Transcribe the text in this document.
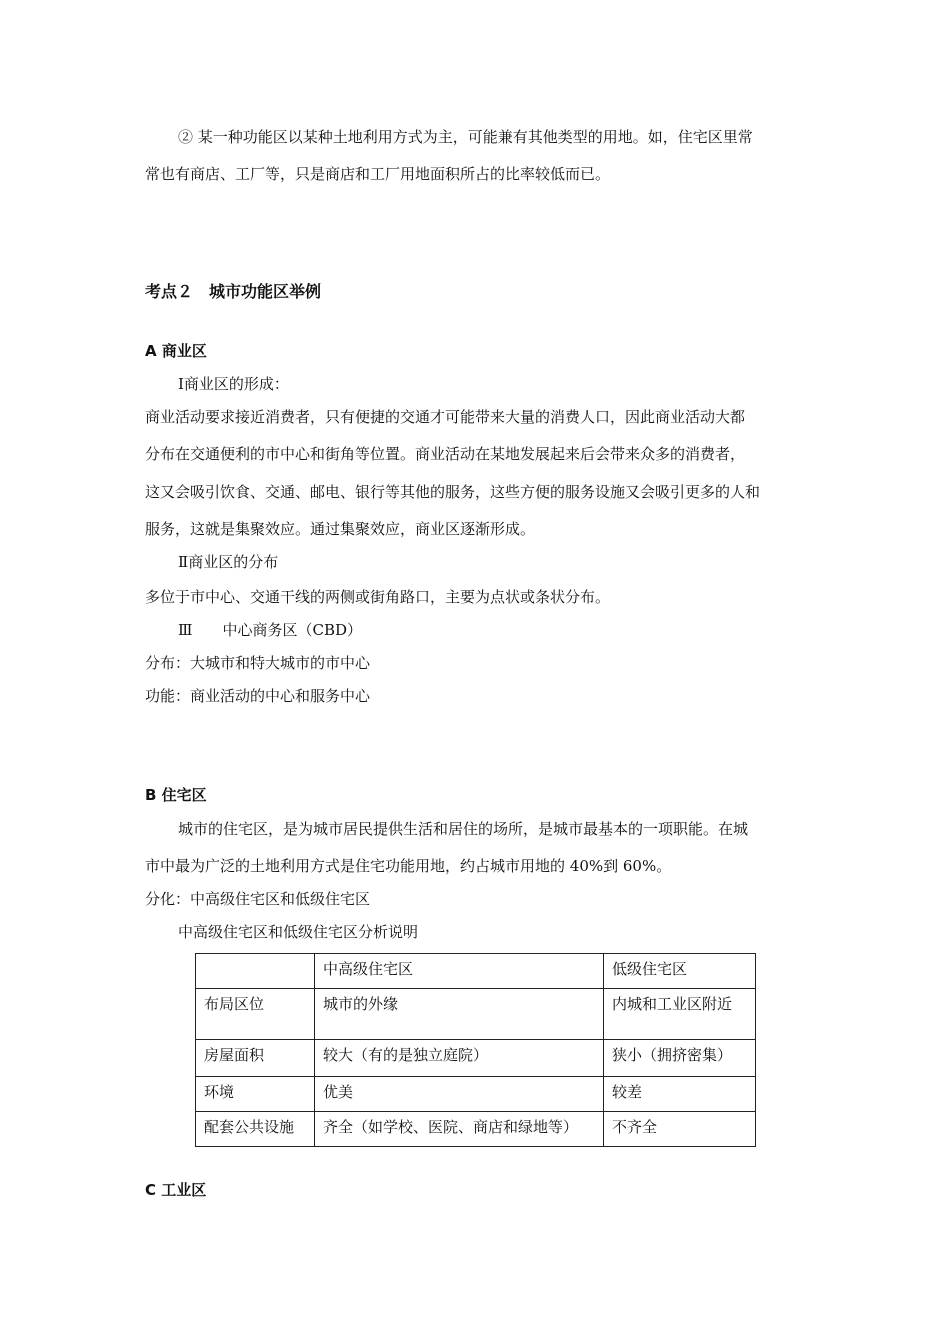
② 某一种功能区以某种土地利用方式为主，可能兼有其他类型的用地。如，住宅区里常
常也有商店、工厂等，只是商店和工厂用地面积所占的比率较低而已。
考点２　城市功能区举例
A 商业区
Ⅰ商业区的形成：
商业活动要求接近消费者，只有便捷的交通才可能带来大量的消费人口，因此商业活动大都
分布在交通便利的市中心和街角等位置。商业活动在某地发展起来后会带来众多的消费者，
这又会吸引饮食、交通、邮电、银行等其他的服务，这些方便的服务设施又会吸引更多的人和
服务，这就是集聚效应。通过集聚效应，商业区逐渐形成。
Ⅱ商业区的分布
多位于市中心、交通干线的两侧或街角路口，主要为点状或条状分布。
Ⅲ　　中心商务区（CBD）
分布：大城市和特大城市的市中心
功能：商业活动的中心和服务中心
B 住宅区
城市的住宅区，是为城市居民提供生活和居住的场所，是城市最基本的一项职能。在城
市中最为广泛的土地利用方式是住宅功能用地，约占城市用地的 40%到 60%。
分化：中高级住宅区和低级住宅区
中高级住宅区和低级住宅区分析说明
	中高级住宅区	低级住宅区
布局区位	城市的外缘	内城和工业区附近
房屋面积	较大（有的是独立庭院）	狭小（拥挤密集）
环境	优美	较差
配套公共设施	齐全（如学校、医院、商店和绿地等）	不齐全
C 工业区
